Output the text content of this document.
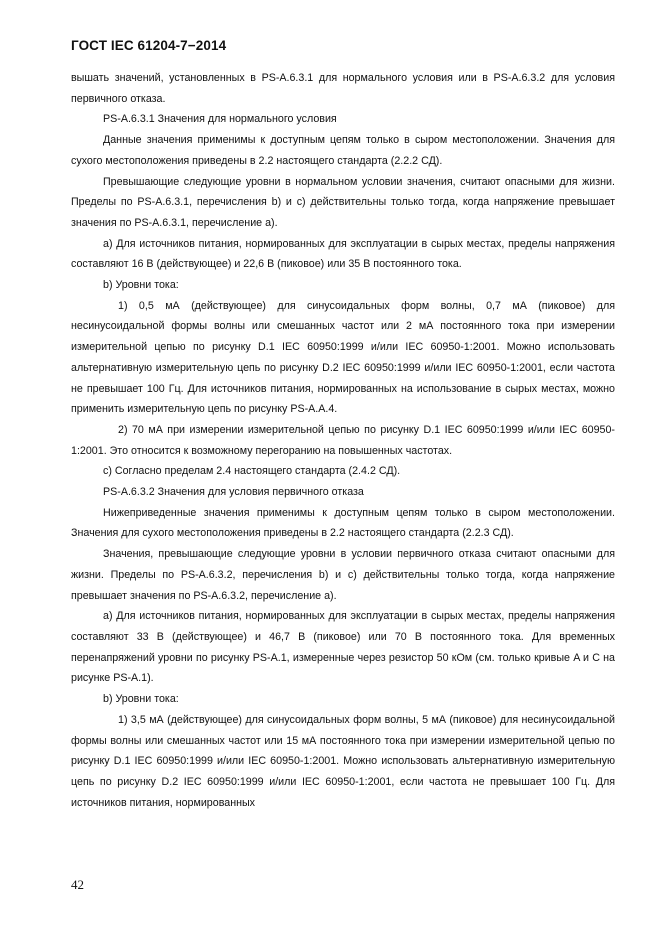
ГОСТ IEC 61204-7−2014

вышать значений, установленных в PS-A.6.3.1 для нормального условия или в PS-A.6.3.2 для условия первичного отказа.

PS-A.6.3.1 Значения для нормального условия

Данные значения применимы к доступным цепям только в сыром местоположении. Значения для сухого местоположения приведены в 2.2 настоящего стандарта (2.2.2 СД).

Превышающие следующие уровни в нормальном условии значения, считают опасными для жизни. Пределы по PS-A.6.3.1, перечисления b) и с) действительны только тогда, когда напряжение превышает значения по PS-A.6.3.1, перечисление а).

а) Для источников питания, нормированных для эксплуатации в сырых местах, пределы напряжения составляют 16 В (действующее) и 22,6 В (пиковое) или 35 В постоянного тока.

b) Уровни тока:

1) 0,5 мА (действующее) для синусоидальных форм волны, 0,7 мА (пиковое) для несинусоидальной формы волны или смешанных частот или 2 мА постоянного тока при измерении измерительной цепью по рисунку D.1 IEC 60950:1999 и/или IEC 60950-1:2001. Можно использовать альтернативную измерительную цепь по рисунку D.2 IEC 60950:1999 и/или IEC 60950-1:2001, если частота не превышает 100 Гц. Для источников питания, нормированных на использование в сырых местах, можно применить измерительную цепь по рисунку PS-A.A.4.

2) 70 мА при измерении измерительной цепью по рисунку D.1 IEC 60950:1999 и/или IEC 60950-1:2001. Это относится к возможному перегоранию на повышенных частотах.

с) Согласно пределам 2.4 настоящего стандарта (2.4.2 СД).

PS-A.6.3.2 Значения для условия первичного отказа

Нижеприведенные значения применимы к доступным цепям только в сыром местоположении. Значения для сухого местоположения приведены в 2.2 настоящего стандарта (2.2.3 СД).

Значения, превышающие следующие уровни в условии первичного отказа считают опасными для жизни. Пределы по PS-A.6.3.2, перечисления b) и с) действительны только тогда, когда напряжение превышает значения по PS-A.6.3.2, перечисление а).

а) Для источников питания, нормированных для эксплуатации в сырых местах, пределы напряжения составляют 33 В (действующее) и 46,7 В (пиковое) или 70 В постоянного тока. Для временных перенапряжений уровни по рисунку PS-A.1, измеренные через резистор 50 кОм (см. только кривые A и C на рисунке PS-A.1).

b) Уровни тока:

1) 3,5 мА (действующее) для синусоидальных форм волны, 5 мА (пиковое) для несинусоидальной формы волны или смешанных частот или 15 мА постоянного тока при измерении измерительной цепью по рисунку D.1 IEC 60950:1999 и/или IEC 60950-1:2001. Можно использовать альтернативную измерительную цепь по рисунку D.2 IEC 60950:1999 и/или IEC 60950-1:2001, если частота не превышает 100 Гц. Для источников питания, нормированных

42
